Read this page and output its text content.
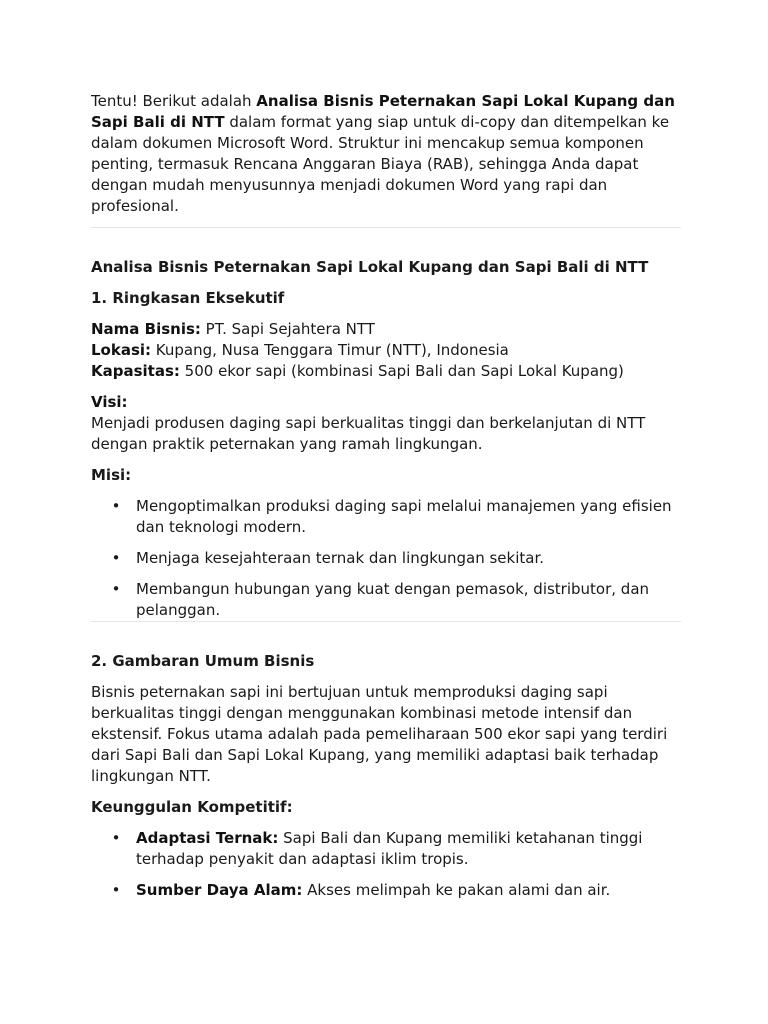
Tentu! Berikut adalah Analisa Bisnis Peternakan Sapi Lokal Kupang dan Sapi Bali di NTT dalam format yang siap untuk di-copy dan ditempelkan ke dalam dokumen Microsoft Word. Struktur ini mencakup semua komponen penting, termasuk Rencana Anggaran Biaya (RAB), sehingga Anda dapat dengan mudah menyusunnya menjadi dokumen Word yang rapi dan profesional.

Analisa Bisnis Peternakan Sapi Lokal Kupang dan Sapi Bali di NTT

1. Ringkasan Eksekutif

Nama Bisnis: PT. Sapi Sejahtera NTT
Lokasi: Kupang, Nusa Tenggara Timur (NTT), Indonesia
Kapasitas: 500 ekor sapi (kombinasi Sapi Bali dan Sapi Lokal Kupang)

Visi:
Menjadi produsen daging sapi berkualitas tinggi dan berkelanjutan di NTT dengan praktik peternakan yang ramah lingkungan.

Misi:

• Mengoptimalkan produksi daging sapi melalui manajemen yang efisien dan teknologi modern.
• Menjaga kesejahteraan ternak dan lingkungan sekitar.
• Membangun hubungan yang kuat dengan pemasok, distributor, dan pelanggan.

2. Gambaran Umum Bisnis

Bisnis peternakan sapi ini bertujuan untuk memproduksi daging sapi berkualitas tinggi dengan menggunakan kombinasi metode intensif dan ekstensif. Fokus utama adalah pada pemeliharaan 500 ekor sapi yang terdiri dari Sapi Bali dan Sapi Lokal Kupang, yang memiliki adaptasi baik terhadap lingkungan NTT.

Keunggulan Kompetitif:

• Adaptasi Ternak: Sapi Bali dan Kupang memiliki ketahanan tinggi terhadap penyakit dan adaptasi iklim tropis.
• Sumber Daya Alam: Akses melimpah ke pakan alami dan air.
